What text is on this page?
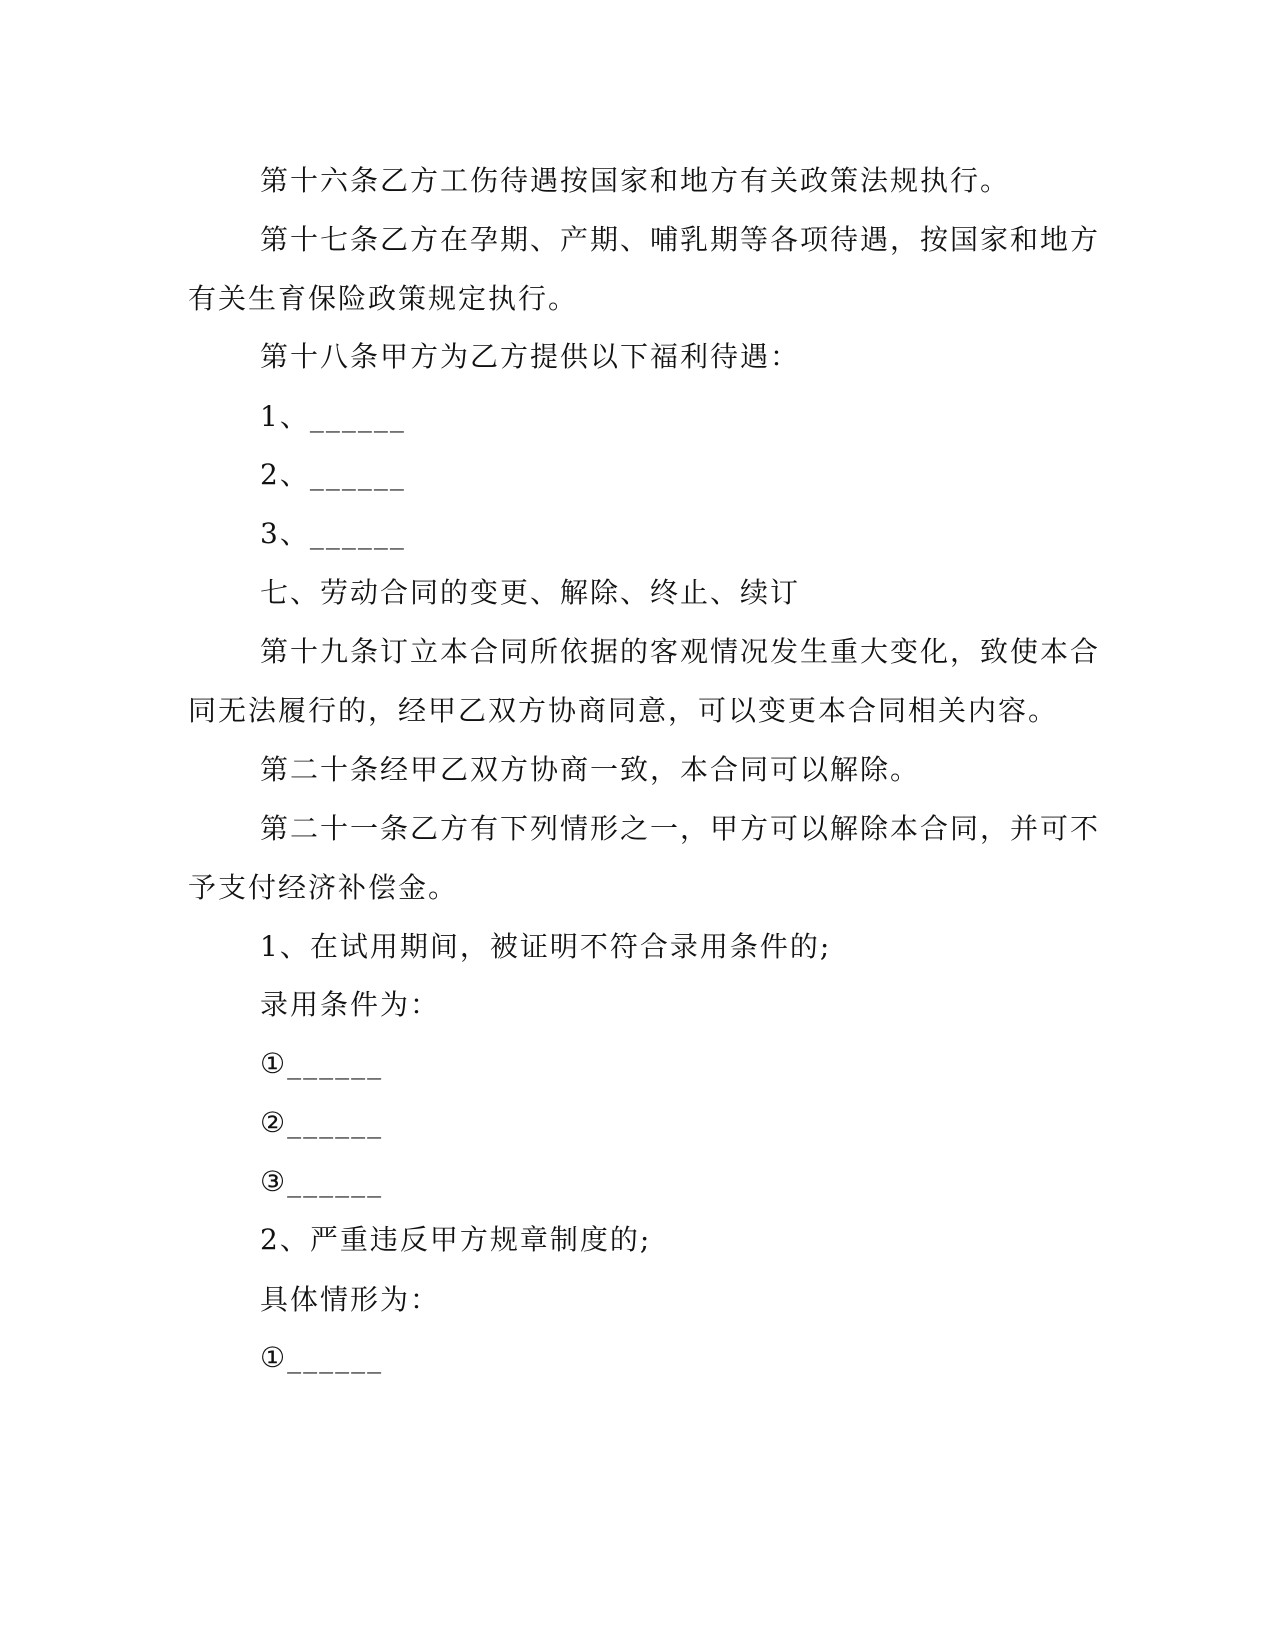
第十六条乙方工伤待遇按国家和地方有关政策法规执行。
第十七条乙方在孕期、产期、哺乳期等各项待遇，按国家和地方
有关生育保险政策规定执行。
第十八条甲方为乙方提供以下福利待遇：
1、______
2、______
3、______
七、劳动合同的变更、解除、终止、续订
第十九条订立本合同所依据的客观情况发生重大变化，致使本合
同无法履行的，经甲乙双方协商同意，可以变更本合同相关内容。
第二十条经甲乙双方协商一致，本合同可以解除。
第二十一条乙方有下列情形之一，甲方可以解除本合同，并可不
予支付经济补偿金。
1、在试用期间，被证明不符合录用条件的;
录用条件为：
①______
②______
③______
2、严重违反甲方规章制度的;
具体情形为：
①______
